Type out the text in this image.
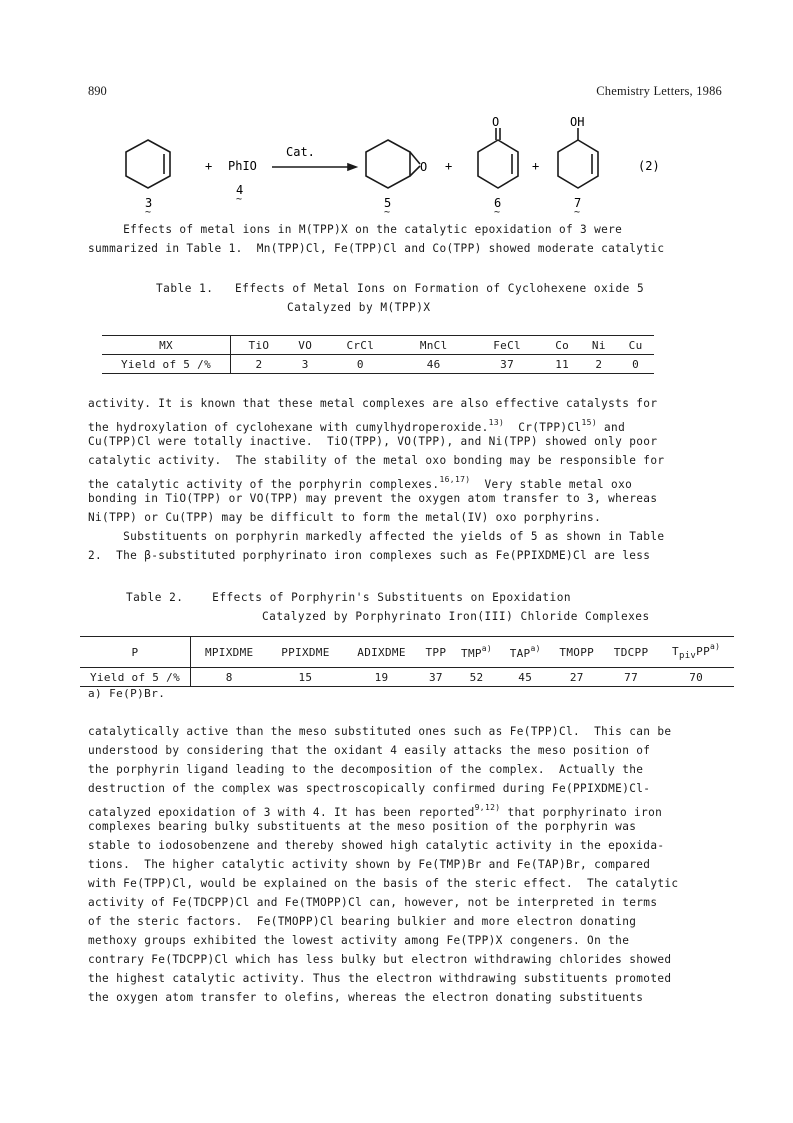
890	Chemistry Letters, 1986
+ PhIO
4
~
Cat.
O +
O
+
OH
(2)
3
~
5
~
6
~
7
~
Effects of metal ions in M(TPP)X on the catalytic epoxidation of 3 were
summarized in Table 1.  Mn(TPP)Cl, Fe(TPP)Cl and Co(TPP) showed moderate catalytic
Table 1.   Effects of Metal Ions on Formation of Cyclohexene oxide 5
Catalyzed by M(TPP)X
MX	TiO	VO	CrCl	MnCl	FeCl	Co	Ni	Cu
Yield of 5 /%	2	3	0	46	37	11	2	0
activity. It is known that these metal complexes are also effective catalysts for
the hydroxylation of cyclohexane with cumylhydroperoxide.$^{13)}$ Cr(TPP)Cl$^{15)}$ and
Cu(TPP)Cl were totally inactive.  TiO(TPP), VO(TPP), and Ni(TPP) showed only poor
catalytic activity.  The stability of the metal oxo bonding may be responsible for
the catalytic activity of the porphyrin complexes.$^{16,17)}$ Very stable metal oxo
bonding in TiO(TPP) or VO(TPP) may prevent the oxygen atom transfer to 3, whereas
Ni(TPP) or Cu(TPP) may be difficult to form the metal(IV) oxo porphyrins.
Substituents on porphyrin markedly affected the yields of 5 as shown in Table
2.  The β-substituted porphyrinato iron complexes such as Fe(PPIXDME)Cl are less
Table 2.    Effects of Porphyrin's Substituents on Epoxidation
Catalyzed by Porphyrinato Iron(III) Chloride Complexes
P	MPIXDME	PPIXDME	ADIXDME	TPP	TMP$^{a)}$	TAP$^{a)}$	TMOPP	TDCPP	$T_{piv}PP^{a)}$
Yield of 5 /%	8	15	19	37	52	45	27	77	70
a) Fe(P)Br.
catalytically active than the meso substituted ones such as Fe(TPP)Cl.  This can be
understood by considering that the oxidant 4 easily attacks the meso position of
the porphyrin ligand leading to the decomposition of the complex.  Actually the
destruction of the complex was spectroscopically confirmed during Fe(PPIXDME)Cl-
catalyzed epoxidation of 3 with 4. It has been reported$^{9,12)}$ that porphyrinato iron
complexes bearing bulky substituents at the meso position of the porphyrin was
stable to iodosobenzene and thereby showed high catalytic activity in the epoxida-
tions.  The higher catalytic activity shown by Fe(TMP)Br and Fe(TAP)Br, compared
with Fe(TPP)Cl, would be explained on the basis of the steric effect.  The catalytic
activity of Fe(TDCPP)Cl and Fe(TMOPP)Cl can, however, not be interpreted in terms
of the steric factors.  Fe(TMOPP)Cl bearing bulkier and more electron donating
methoxy groups exhibited the lowest activity among Fe(TPP)X congeners. On the
contrary Fe(TDCPP)Cl which has less bulky but electron withdrawing chlorides showed
the highest catalytic activity. Thus the electron withdrawing substituents promoted
the oxygen atom transfer to olefins, whereas the electron donating substituents
